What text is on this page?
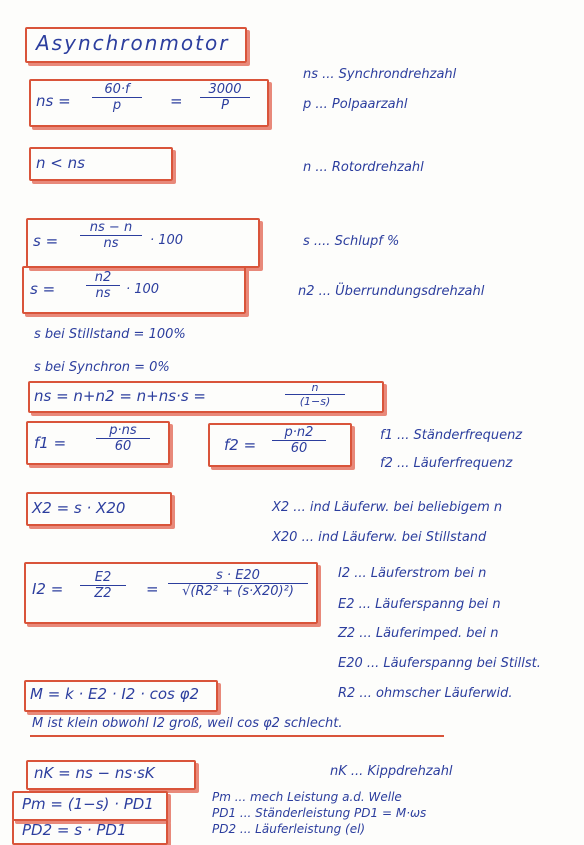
Asynchronmotor
ns = $\frac{60\cdot f}{p} = \frac{3000}{P}$
ns ... Synchrondrehzahl
p ... Polpaarzahl
n < ns	n ... Rotordrehzahl
$s = \frac{ns - n}{ns} \cdot 100$	s .... Schlupf %
$s = \frac{n2}{ns} \cdot 100$	n2 ... Überrundungsdrehzahl
s bei Stillstand = 100%
s bei Synchron = 0%
ns = n+n2 = n+ns·s =	$\frac{n}{(1-s)}$
$f1 = \frac{p\cdot ns}{60}$	$f2 = \frac{p\cdot n2}{60}$	f1 ... Ständerfrequenz
f2 ... Läuferfrequenz
X2 = s · X20	X2 ... ind Läuferw. bei beliebigem n
X20 ... ind Läuferw. bei Stillstand
$I2 = \frac{E2}{Z2} = \frac{s \cdot E20}{\text{√(R2² + (s·X20)²)}} I2$ ... Läuferstrom bei n
E2 ... Läuferspanng bei n
Z2 ... Läuferimped. bei n
E20 ... Läuferspanng bei Stillst.
R2 ... ohmscher Läuferwid.
M = k · E2 · I2 · cos φ2
M ist klein obwohl I2 groß, weil cos φ2 schlecht.
nK = ns − ns·sK	nK ... Kippdrehzahl
Pm = (1−s) · PD1
PD2 = s · PD1
Pm ... mech Leistung a.d. Welle
PD1 ... Ständerleistung PD1 = M·ωs
PD2 ... Läuferleistung (el)
